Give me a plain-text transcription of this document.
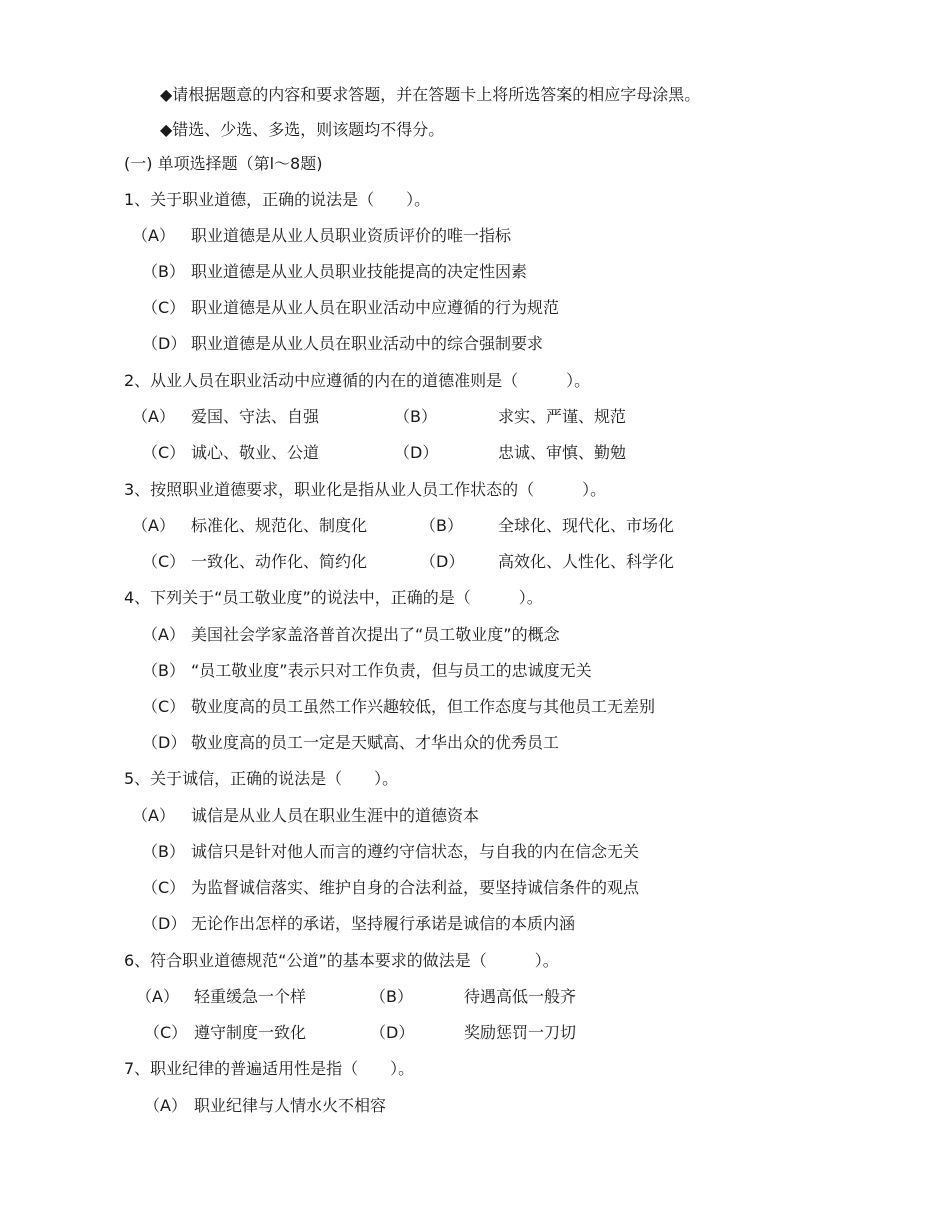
◆请根据题意的内容和要求答题，并在答题卡上将所选答案的相应字母涂黑。
◆错选、少选、多选，则该题均不得分。
(一) 单项选择题（第l～8题)
1、关于职业道德，正确的说法是（　　）。
（A） 职业道德是从业人员职业资质评价的唯一指标
（B） 职业道德是从业人员职业技能提高的决定性因素
（C） 职业道德是从业人员在职业活动中应遵循的行为规范
（D） 职业道德是从业人员在职业活动中的综合强制要求
2、从业人员在职业活动中应遵循的内在的道德准则是（　　　）。
（A） 爱国、守法、自强	（B）	求实、严谨、规范
（C） 诚心、敬业、公道	（D）	忠诚、审慎、勤勉
3、按照职业道德要求，职业化是指从业人员工作状态的（　　　）。
（A） 标准化、规范化、制度化	（B） 全球化、现代化、市场化
（C） 一致化、动作化、简约化	（D） 高效化、人性化、科学化
4、下列关于“员工敬业度”的说法中，正确的是（　　　）。
（A） 美国社会学家盖洛普首次提出了“员工敬业度”的概念
（B） “员工敬业度”表示只对工作负责，但与员工的忠诚度无关
（C） 敬业度高的员工虽然工作兴趣较低，但工作态度与其他员工无差别
（D） 敬业度高的员工一定是天赋高、才华出众的优秀员工
5、关于诚信，正确的说法是（　　）。
（A） 诚信是从业人员在职业生涯中的道德资本
（B） 诚信只是针对他人而言的遵约守信状态，与自我的内在信念无关
（C） 为监督诚信落实、维护自身的合法利益，要坚持诚信条件的观点
（D） 无论作出怎样的承诺，坚持履行承诺是诚信的本质内涵
6、符合职业道德规范“公道”的基本要求的做法是（　　　）。
（A） 轻重缓急一个样	（B）	待遇高低一般齐
（C） 遵守制度一致化	（D）	奖励惩罚一刀切
7、职业纪律的普遍适用性是指（　　）。
（A） 职业纪律与人情水火不相容
